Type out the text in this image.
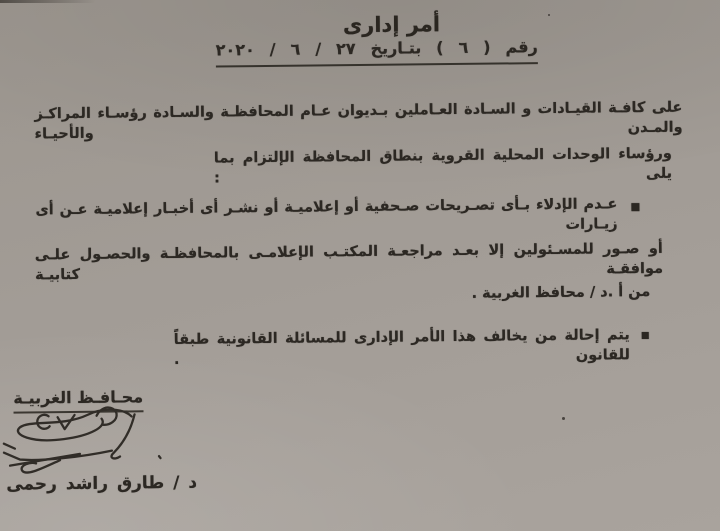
أمر إدارى
رقم ( ٦ ) بتـاريخ ٢٧ / ٦ / ٢٠٢٠
على كافـة القيـادات و السـادة العـاملين بـديوان عـام المحافظـة والسـادة رؤسـاء المراكـز والمـدن والأحيـاء
ورؤساء الوحدات المحلية القروية بنطاق المحافظة الإلتزام بما يلى :
عـدم الإدلاء بـأى تصـريحات صـحفية أو إعلاميـة أو نشـر أى أخبـار إعلاميـة عـن أى زيـارات
أو صـور للمسـئولين إلا بعـد مراجعـة المكتـب الإعلامـى بالمحافظـة والحصـول علـى موافقـة كتابيـة
من أ .د / محافظ الغربية .
يتم إحالة من يخالف هذا الأمر الإدارى للمسائلة القانونية طبقاً للقانون .
محـافـظ الغربيـة
د / طارق راشد رحمى
